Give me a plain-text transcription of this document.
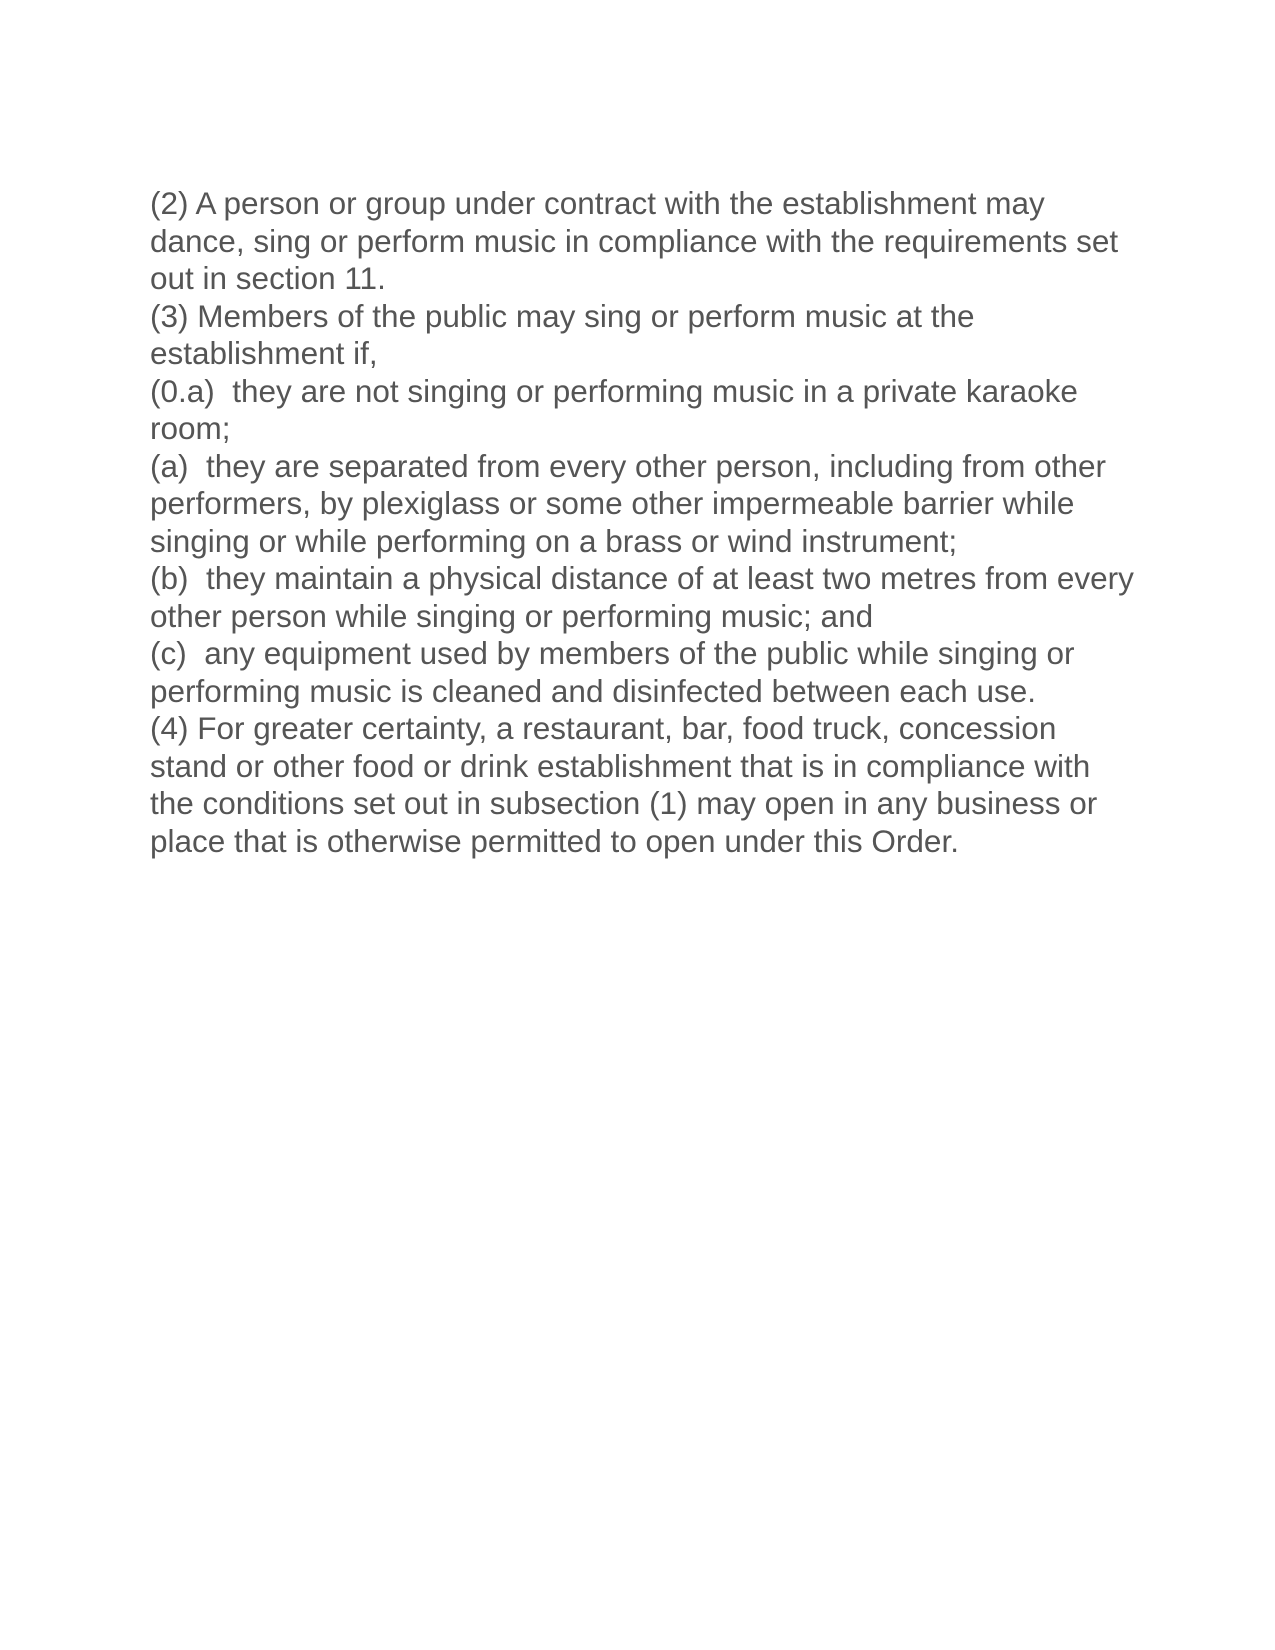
(2) A person or group under contract with the establishment may dance, sing or perform music in compliance with the requirements set out in section 11.

(3) Members of the public may sing or perform music at the establishment if,

(0.a)  they are not singing or performing music in a private karaoke room;

(a)  they are separated from every other person, including from other performers, by plexiglass or some other impermeable barrier while singing or while performing on a brass or wind instrument;

(b)  they maintain a physical distance of at least two metres from every other person while singing or performing music; and

(c)  any equipment used by members of the public while singing or performing music is cleaned and disinfected between each use.

(4) For greater certainty, a restaurant, bar, food truck, concession stand or other food or drink establishment that is in compliance with the conditions set out in subsection (1) may open in any business or place that is otherwise permitted to open under this Order.
